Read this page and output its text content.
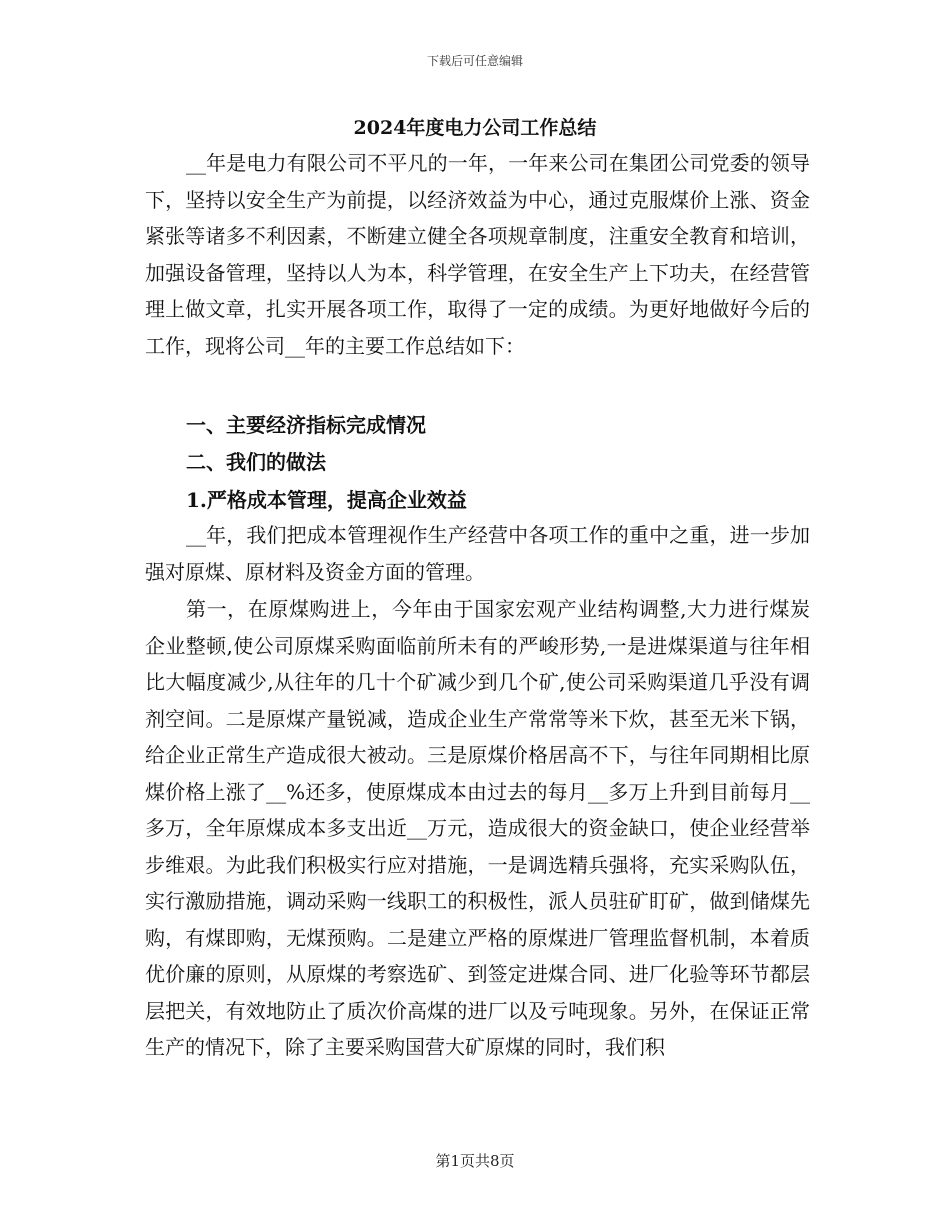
下载后可任意编辑
2024年度电力公司工作总结

__年是电力有限公司不平凡的一年，一年来公司在集团公司党委的领导下，坚持以安全生产为前提，以经济效益为中心，通过克服煤价上涨、资金紧张等诸多不利因素，不断建立健全各项规章制度，注重安全教育和培训，加强设备管理，坚持以人为本，科学管理，在安全生产上下功夫，在经营管理上做文章，扎实开展各项工作，取得了一定的成绩。为更好地做好今后的工作，现将公司__年的主要工作总结如下：

一、主要经济指标完成情况

二、我们的做法

1.严格成本管理，提高企业效益

__年，我们把成本管理视作生产经营中各项工作的重中之重，进一步加强对原煤、原材料及资金方面的管理。

第一，在原煤购进上，今年由于国家宏观产业结构调整,大力进行煤炭企业整顿,使公司原煤采购面临前所未有的严峻形势,一是进煤渠道与往年相比大幅度减少,从往年的几十个矿减少到几个矿,使公司采购渠道几乎没有调剂空间。二是原煤产量锐减，造成企业生产常常等米下炊，甚至无米下锅，给企业正常生产造成很大被动。三是原煤价格居高不下，与往年同期相比原煤价格上涨了__%还多，使原煤成本由过去的每月__多万上升到目前每月__多万，全年原煤成本多支出近__万元，造成很大的资金缺口，使企业经营举步维艰。为此我们积极实行应对措施，一是调选精兵强将，充实采购队伍，实行激励措施，调动采购一线职工的积极性，派人员驻矿盯矿，做到储煤先购，有煤即购，无煤预购。二是建立严格的原煤进厂管理监督机制，本着质优价廉的原则，从原煤的考察选矿、到签定进煤合同、进厂化验等环节都层层把关，有效地防止了质次价高煤的进厂以及亏吨现象。另外，在保证正常生产的情况下，除了主要采购国营大矿原煤的同时，我们积

第1页共8页
